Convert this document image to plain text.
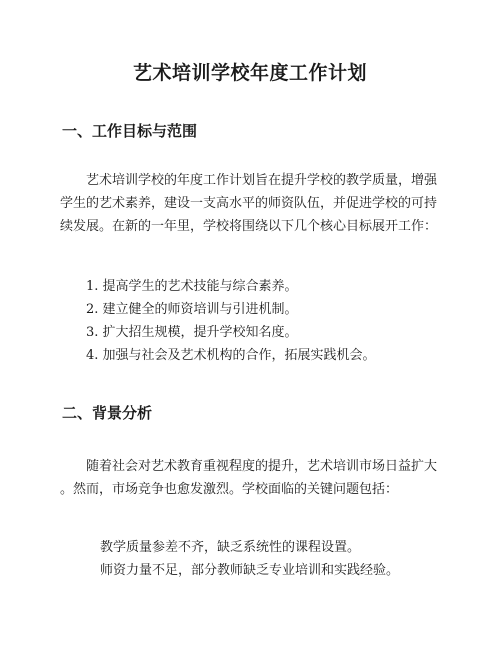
艺术培训学校年度工作计划
一、工作目标与范围
艺术培训学校的年度工作计划旨在提升学校的教学质量，增强
学生的艺术素养，建设一支高水平的师资队伍，并促进学校的可持
续发展。在新的一年里，学校将围绕以下几个核心目标展开工作：
1. 提高学生的艺术技能与综合素养。
2. 建立健全的师资培训与引进机制。
3. 扩大招生规模，提升学校知名度。
4. 加强与社会及艺术机构的合作，拓展实践机会。
二、背景分析
随着社会对艺术教育重视程度的提升，艺术培训市场日益扩大
。然而，市场竞争也愈发激烈。学校面临的关键问题包括：
教学质量参差不齐，缺乏系统性的课程设置。
师资力量不足，部分教师缺乏专业培训和实践经验。
